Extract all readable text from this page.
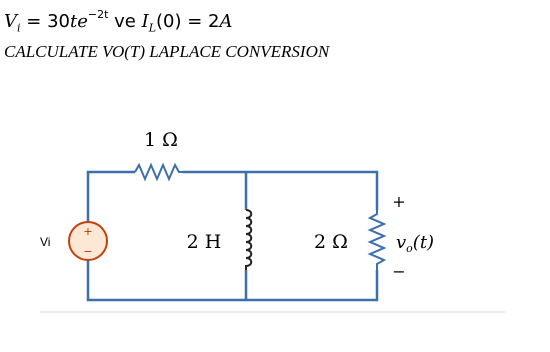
$V_i = 30te^{-2t}$ ve $I_L(0) = 2A$
CALCULATE VO(T) LAPLACE CONVERSION
1 Ω
+
−
Vi	2 H	2 Ω
+
−
$v_o(t)$
